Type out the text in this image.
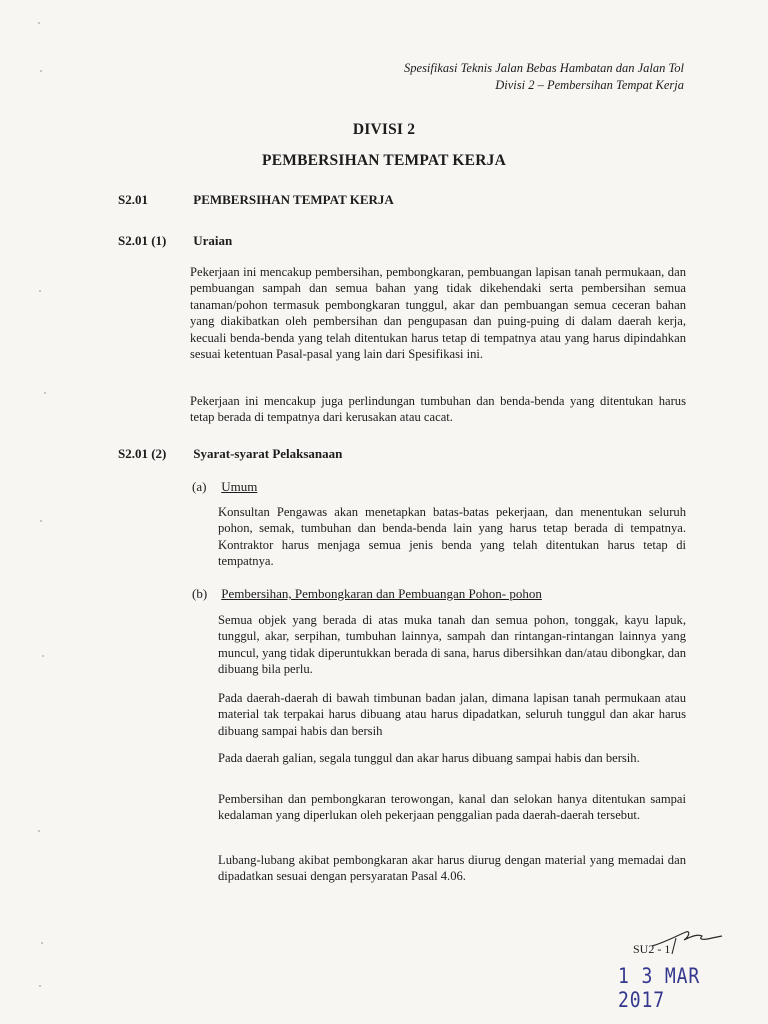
Spesifikasi Teknis Jalan Bebas Hambatan dan Jalan Tol
Divisi 2 – Pembersihan Tempat Kerja
DIVISI 2
PEMBERSIHAN TEMPAT KERJA
S2.01	PEMBERSIHAN TEMPAT KERJA
S2.01 (1) Uraian
Pekerjaan ini mencakup pembersihan, pembongkaran, pembuangan lapisan tanah permukaan, dan pembuangan sampah dan semua bahan yang tidak dikehendaki serta pembersihan semua tanaman/pohon termasuk pembongkaran tunggul, akar dan pembuangan semua ceceran bahan yang diakibatkan oleh pembersihan dan pengupasan dan puing-puing di dalam daerah kerja, kecuali benda-benda yang telah ditentukan harus tetap di tempatnya atau yang harus dipindahkan sesuai ketentuan Pasal-pasal yang lain dari Spesifikasi ini.
Pekerjaan ini mencakup juga perlindungan tumbuhan dan benda-benda yang ditentukan harus tetap berada di tempatnya dari kerusakan atau cacat.
S2.01 (2) Syarat-syarat Pelaksanaan
(a) Umum
Konsultan Pengawas akan menetapkan batas-batas pekerjaan, dan menentukan seluruh pohon, semak, tumbuhan dan benda-benda lain yang harus tetap berada di tempatnya. Kontraktor harus menjaga semua jenis benda yang telah ditentukan harus tetap di tempatnya.
(b) Pembersihan, Pembongkaran dan Pembuangan Pohon- pohon
Semua objek yang berada di atas muka tanah dan semua pohon, tonggak, kayu lapuk, tunggul, akar, serpihan, tumbuhan lainnya, sampah dan rintangan-rintangan lainnya yang muncul, yang tidak diperuntukkan berada di sana, harus dibersihkan dan/atau dibongkar, dan dibuang bila perlu.
Pada daerah-daerah di bawah timbunan badan jalan, dimana lapisan tanah permukaan atau material tak terpakai harus dibuang atau harus dipadatkan, seluruh tunggul dan akar harus dibuang sampai habis dan bersih
Pada daerah galian, segala tunggul dan akar harus dibuang sampai habis dan bersih.
Pembersihan dan pembongkaran terowongan, kanal dan selokan hanya ditentukan sampai kedalaman yang diperlukan oleh pekerjaan penggalian pada daerah-daerah tersebut.
Lubang-lubang akibat pembongkaran akar harus diurug dengan material yang memadai dan dipadatkan sesuai dengan persyaratan Pasal 4.06.
SU2 - 1
1 3 MAR 2017
